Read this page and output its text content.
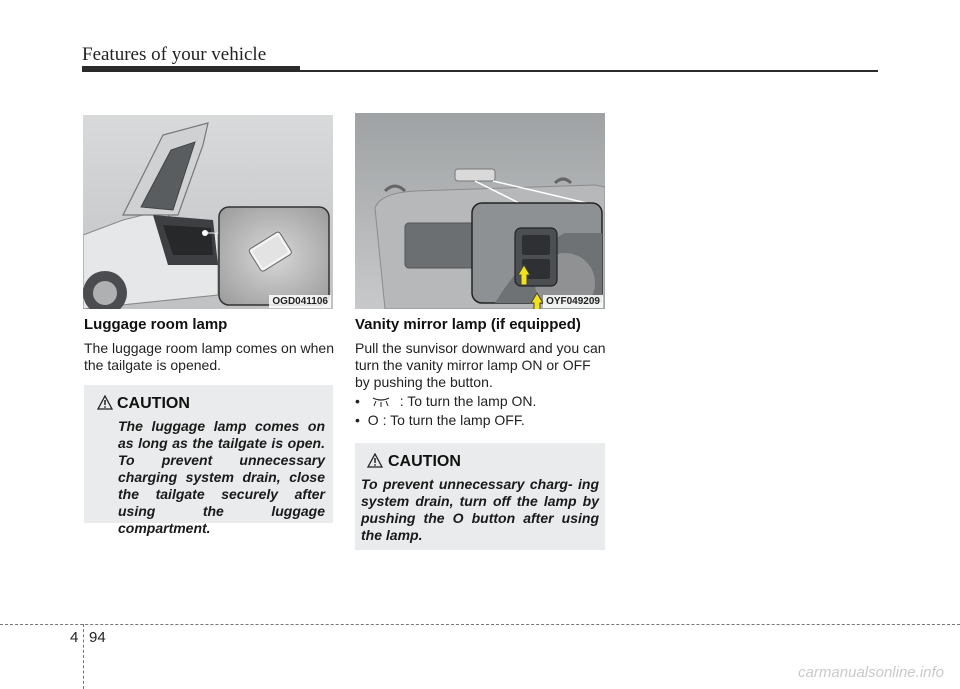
Features of your vehicle
OGD041106	OYF049209
Luggage room lamp

The luggage room lamp comes on when the tailgate is opened.

CAUTION

The luggage lamp comes on as long as the tailgate is open. To prevent unnecessary charging system drain, close the tailgate securely after using the luggage compartment.

Vanity mirror lamp (if equipped)

Pull the sunvisor downward and you can turn the vanity mirror lamp ON or OFF by pushing the button.

•	: To turn the lamp ON.
• O : To turn the lamp OFF.
CAUTION

To prevent unnecessary charg- ing system drain, turn off the lamp by pushing the O button after using the lamp.

4 94
carmanualsonline.info
